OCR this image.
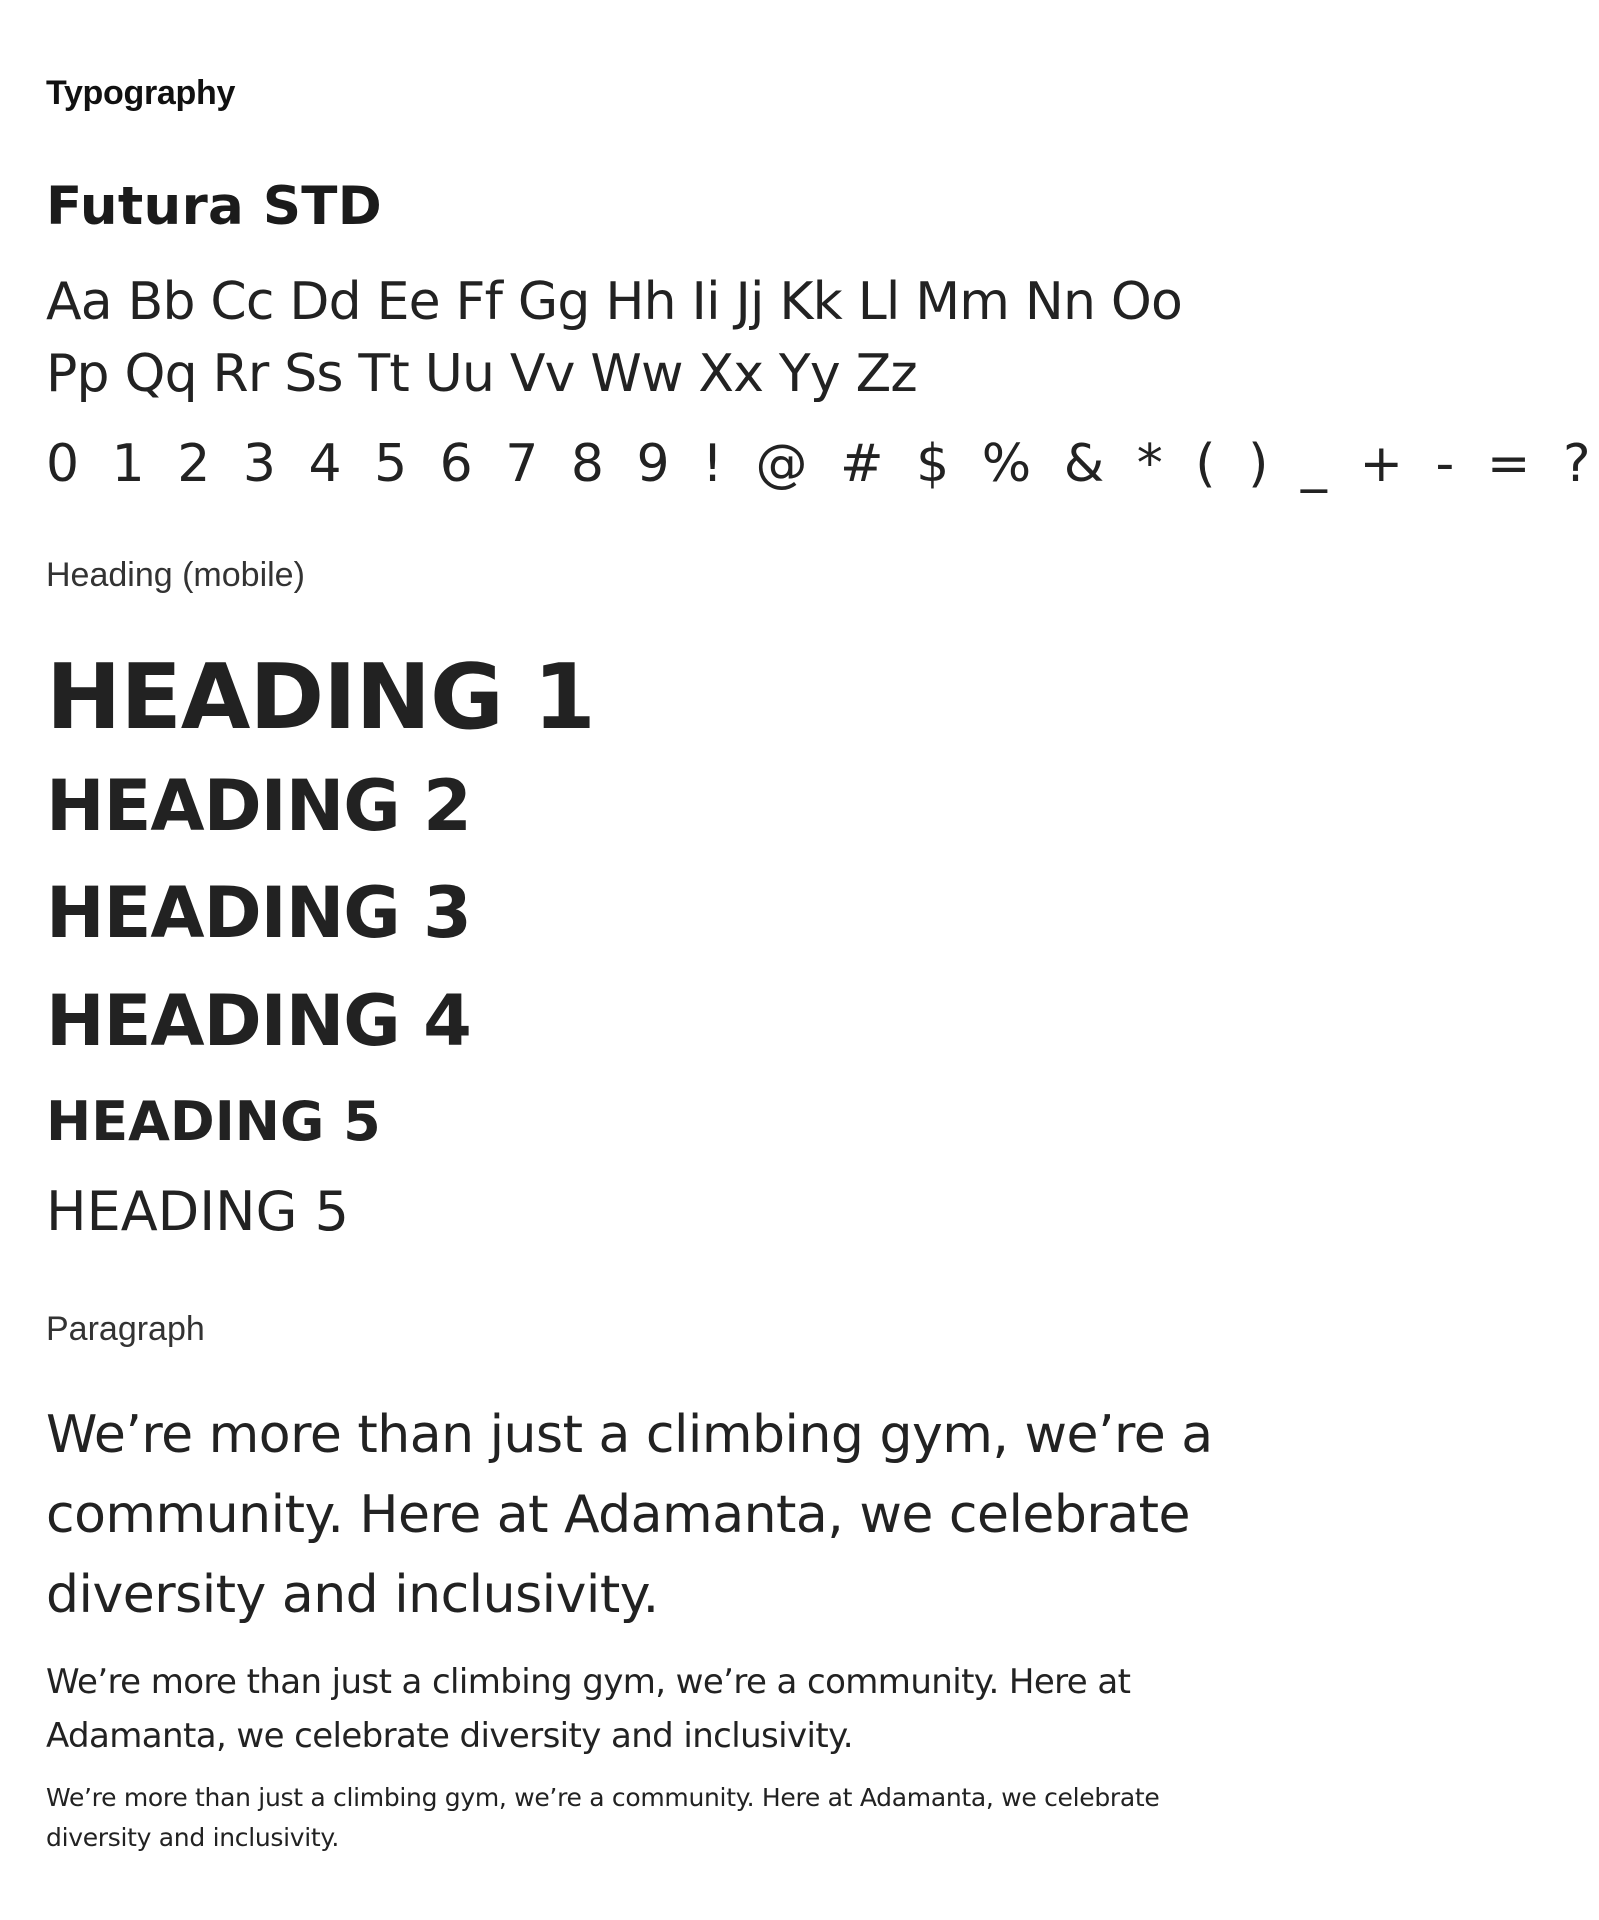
Typography
Futura STD

Aa Bb Cc Dd Ee Ff Gg Hh Ii Jj Kk Ll Mm Nn Oo Pp Qq Rr Ss Tt Uu Vv Ww Xx Yy Zz

0 1 2 3 4 5 6 7 8 9 ! @ # $ % & * ( ) _ + - = ?

Heading (mobile)
HEADING 1
HEADING 2
HEADING 3
HEADING 4
HEADING 5
HEADING 5
Paragraph

We’re more than just a climbing gym, we’re a community. Here at Adamanta, we celebrate diversity and inclusivity.

We’re more than just a climbing gym, we’re a community. Here at Adamanta, we celebrate diversity and inclusivity.

We’re more than just a climbing gym, we’re a community. Here at Adamanta, we celebrate diversity and inclusivity.
